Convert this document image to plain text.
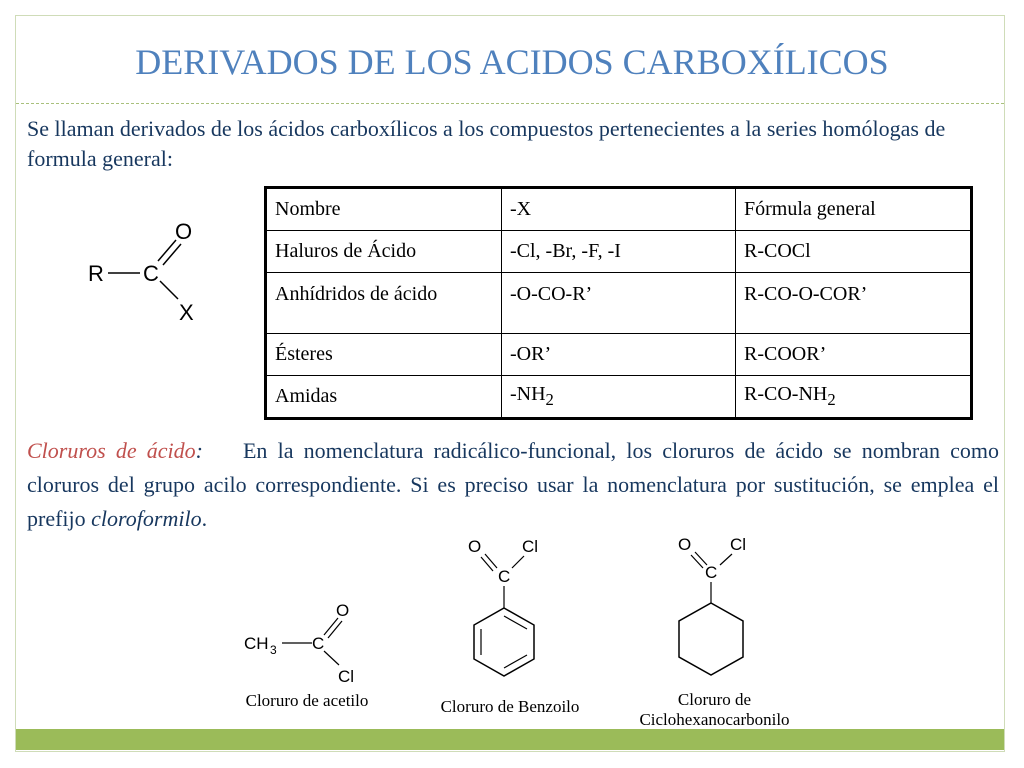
DERIVADOS DE LOS ACIDOS CARBOXÍLICOS
Se llaman derivados de los ácidos carboxílicos a los compuestos pertenecientes a la series homólogas de formula general:
R C
O
X
Nombre	-X	Fórmula general
Haluros de Ácido	-Cl, -Br, -F, -I	R-COCl
Anhídridos de ácido	-O-CO-R’	R-CO-O-COR’
Ésteres	-OR’	R-COOR’
Amidas	$-NH_2$	$R-CO-NH_2$
Cloruros de ácido: En la nomenclatura radicálico-funcional, los cloruros de ácido se nombran como cloruros del grupo acilo correspondiente. Si es preciso usar la nomenclatura por sustitución, se emplea el prefijo cloroformilo.
CH 3 C
O
Cl
Cloruro de acetilo
O Cl
C
Cloruro de Benzoilo
O Cl
C
Cloruro de
Ciclohexanocarbonilo
